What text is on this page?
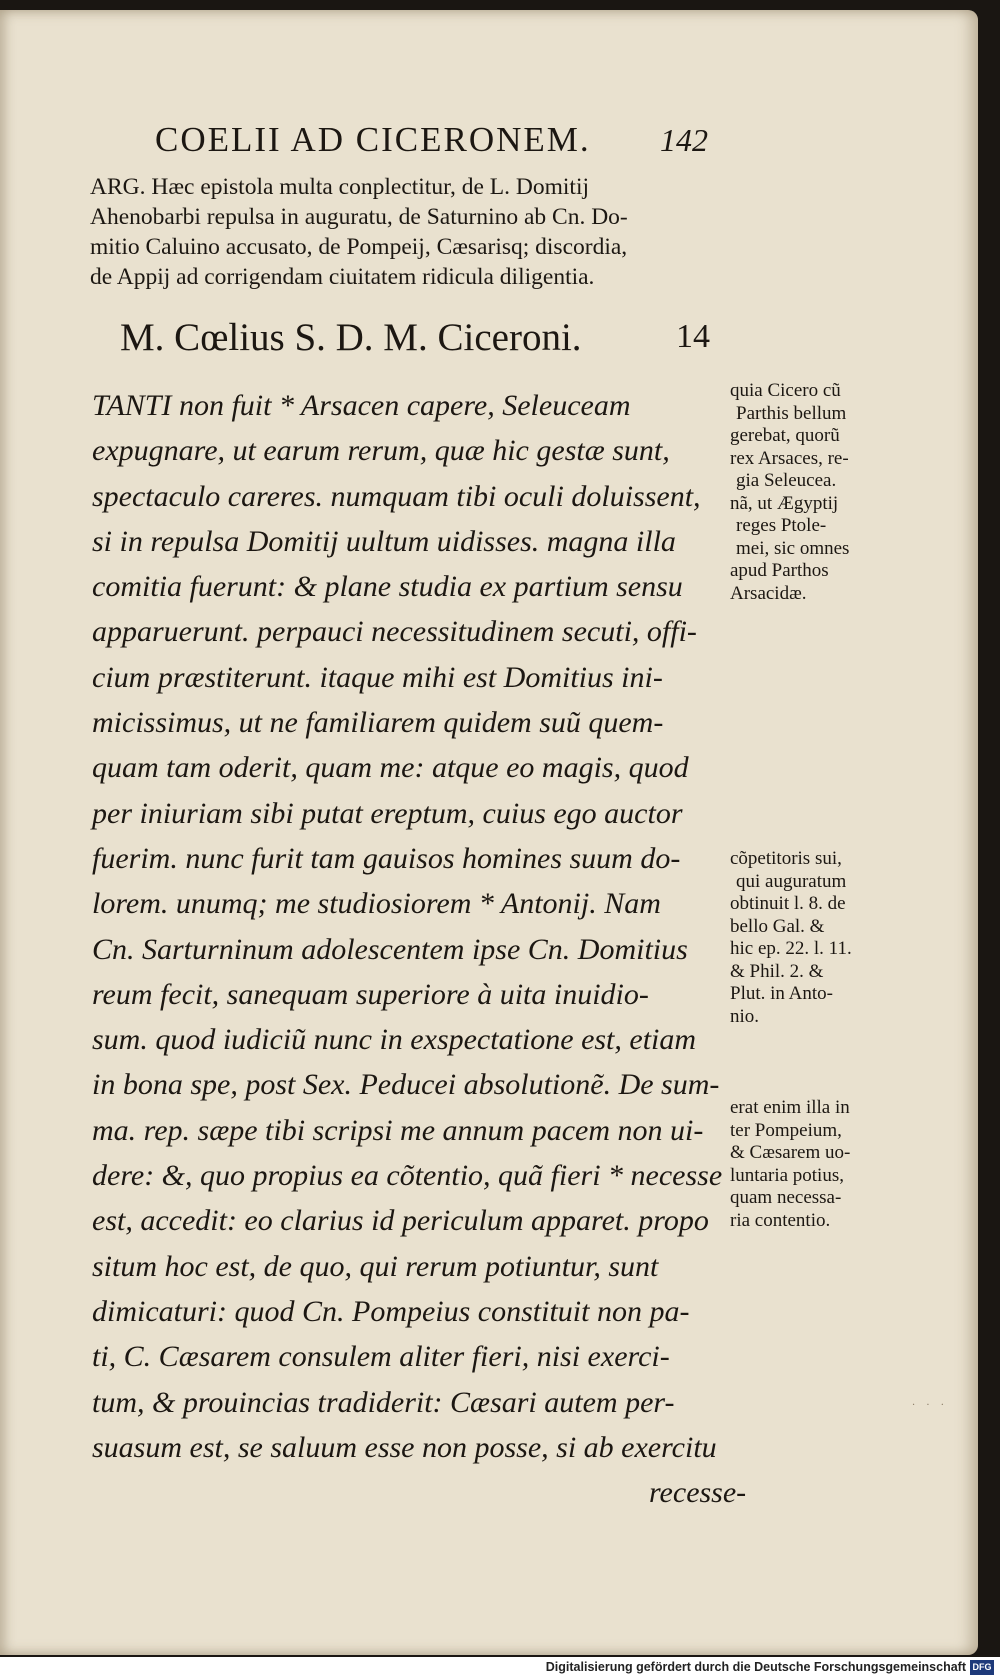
COELII AD CICERONEM.	142
ARG. Hæc epistola multa conplectitur, de L. Domitij
Ahenobarbi repulsa in auguratu, de Saturnino ab Cn. Do-
mitio Caluino accusato, de Pompeij, Cæsarisq; discordia,
de Appij ad corrigendam ciuitatem ridicula diligentia.
M. Cœlius S. D. M. Ciceroni.	14
TANTI non fuit * Arsacen capere, Seleuceam
expugnare, ut earum rerum, quæ hic gestæ sunt,
spectaculo careres. numquam tibi oculi doluissent,
si in repulsa Domitij uultum uidisses. magna illa
comitia fuerunt: & plane studia ex partium sensu
apparuerunt. perpauci necessitudinem secuti, offi-
cium præstiterunt. itaque mihi est Domitius ini-
micissimus, ut ne familiarem quidem suũ quem-
quam tam oderit, quam me: atque eo magis, quod
per iniuriam sibi putat ereptum, cuius ego auctor
fuerim. nunc furit tam gauisos homines suum do-
lorem. unumq; me studiosiorem * Antonij. Nam
Cn. Sarturninum adolescentem ipse Cn. Domitius
reum fecit, sanequam superiore à uita inuidio-
sum. quod iudiciũ nunc in exspectatione est, etiam
in bona spe, post Sex. Peducei absolutionẽ. De sum-
ma. rep. sæpe tibi scripsi me annum pacem non ui-
dere: &, quo propius ea cõtentio, quã fieri * necesse
est, accedit: eo clarius id periculum apparet. propo
situm hoc est, de quo, qui rerum potiuntur, sunt
dimicaturi: quod Cn. Pompeius constituit non pa-
ti, C. Cæsarem consulem aliter fieri, nisi exerci-
tum, & prouincias tradiderit: Cæsari autem per-
suasum est, se saluum esse non posse, si ab exercitu
recesse-
quia Cicero cũ
Parthis bellum
gerebat, quorũ
rex Arsaces, re-
gia Seleucea.
nã, ut Ægyptij
reges Ptole-
mei, sic omnes
apud Parthos
Arsacidæ.
cõpetitoris sui,
qui auguratum
obtinuit l. 8. de
bello Gal. &
hic ep. 22. l. 11.
& Phil. 2. &
Plut. in Anto-
nio.
erat enim illa in
ter Pompeium,
& Cæsarem uo-
luntaria potius,
quam necessa-
ria contentio.
· · ·
Digitalisierung gefördert durch die Deutsche Forschungsgemeinschaft DFG
